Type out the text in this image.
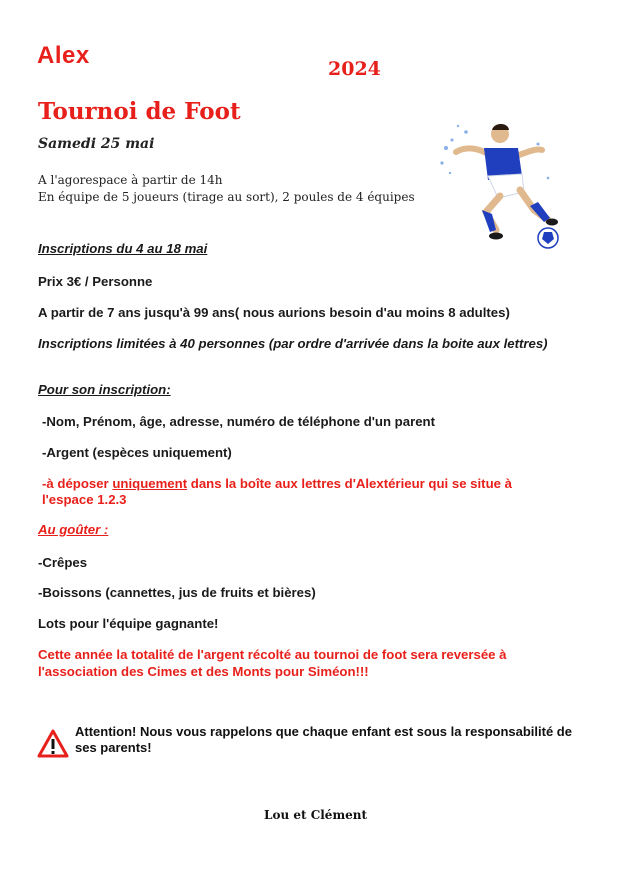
Alex	2024
Tournoi de Foot
Samedi 25 mai
A l'agorespace à partir de 14h
En équipe de 5 joueurs (tirage au sort), 2 poules de 4 équipes
Inscriptions du 4 au 18 mai
Prix 3€ / Personne
A partir de 7 ans jusqu'à 99 ans( nous aurions besoin d'au moins 8 adultes)
Inscriptions limitées à 40 personnes (par ordre d'arrivée dans la boite aux lettres)
Pour son inscription:
-Nom, Prénom, âge, adresse, numéro de téléphone d'un parent
-Argent (espèces uniquement)
-à déposer uniquement dans la boîte aux lettres d'Alextérieur qui se situe à
l'espace 1.2.3
Au goûter :
-Crêpes
-Boissons (cannettes, jus de fruits et bières)
Lots pour l'équipe gagnante!
Cette année la totalité de l'argent récolté au tournoi de foot sera reversée à
l'association des Cimes et des Monts pour Siméon!!!
Attention! Nous vous rappelons que chaque enfant est sous la responsabilité de ses parents!
Lou et Clément
